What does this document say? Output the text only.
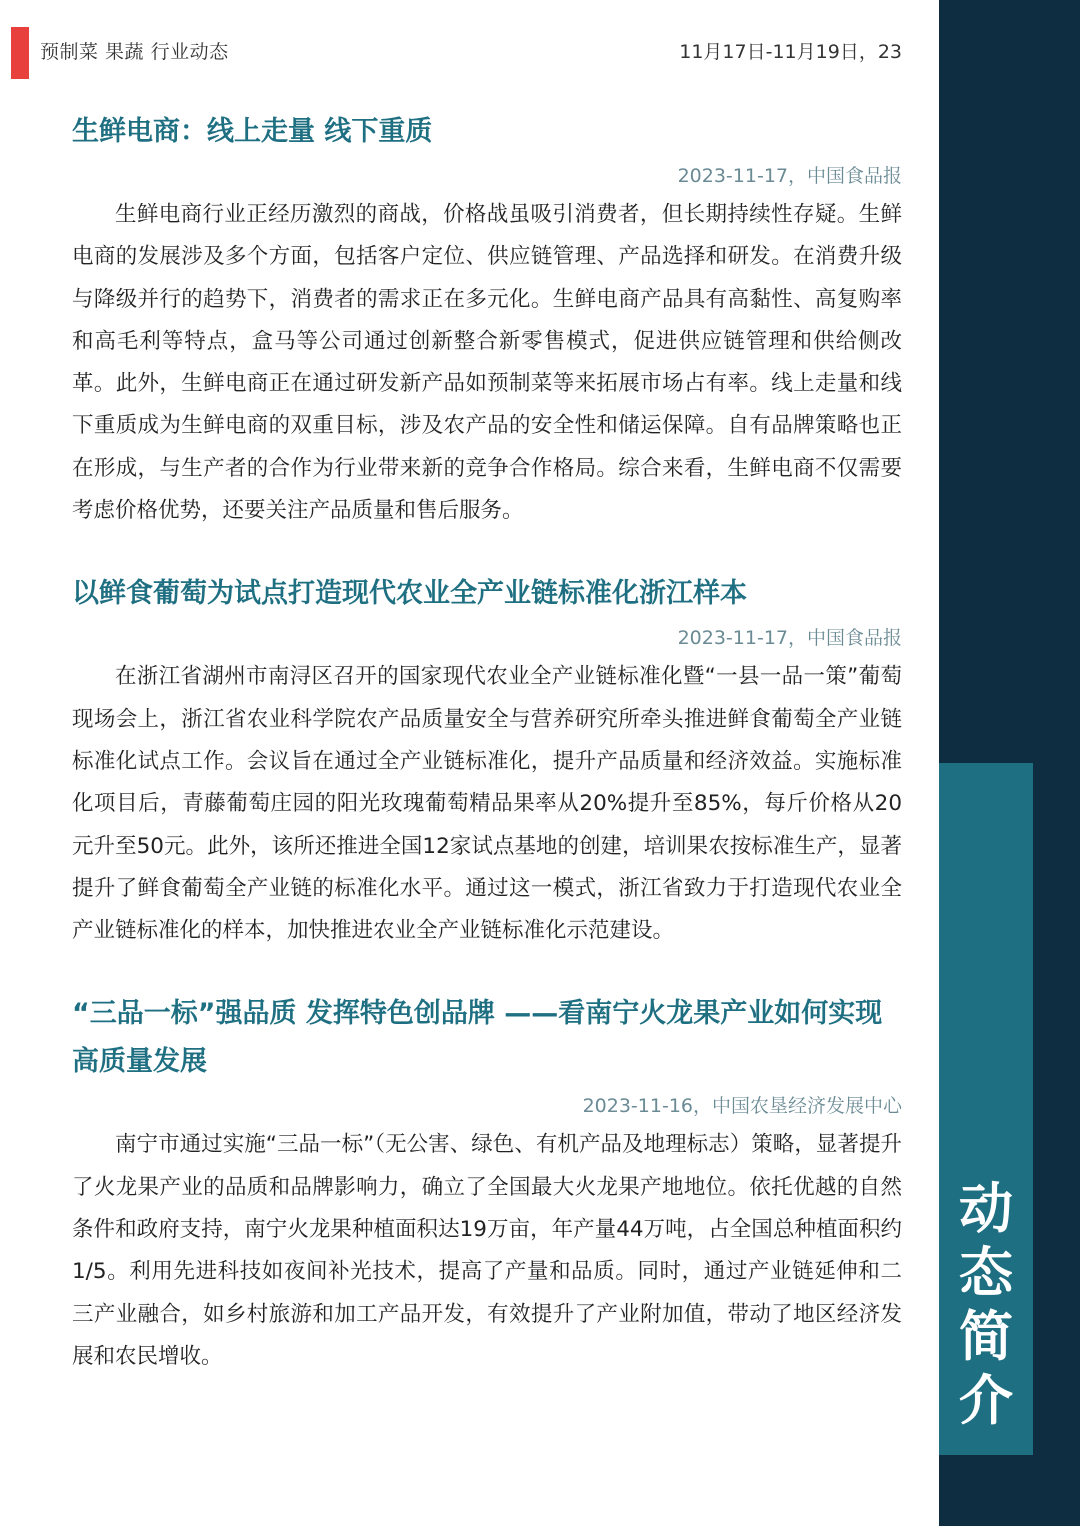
预制菜 果蔬 行业动态	11月17日-11月19日，23
动
态
简
介
生鲜电商：线上走量 线下重质
2023-11-17，中国食品报

生鲜电商行业正经历激烈的商战，价格战虽吸引消费者，但长期持续性存疑。生鲜电商的发展涉及多个方面，包括客户定位、供应链管理、产品选择和研发。在消费升级与降级并行的趋势下，消费者的需求正在多元化。生鲜电商产品具有高黏性、高复购率和高毛利等特点，盒马等公司通过创新整合新零售模式，促进供应链管理和供给侧改革。此外，生鲜电商正在通过研发新产品如预制菜等来拓展市场占有率。线上走量和线下重质成为生鲜电商的双重目标，涉及农产品的安全性和储运保障。自有品牌策略也正在形成，与生产者的合作为行业带来新的竞争合作格局。综合来看，生鲜电商不仅需要考虑价格优势，还要关注产品质量和售后服务。

以鲜食葡萄为试点打造现代农业全产业链标准化浙江样本
2023-11-17，中国食品报

在浙江省湖州市南浔区召开的国家现代农业全产业链标准化暨“一县一品一策”葡萄现场会上，浙江省农业科学院农产品质量安全与营养研究所牵头推进鲜食葡萄全产业链标准化试点工作。会议旨在通过全产业链标准化，提升产品质量和经济效益。实施标准化项目后，青藤葡萄庄园的阳光玫瑰葡萄精品果率从20%提升至85%，每斤价格从20元升至50元。此外，该所还推进全国12家试点基地的创建，培训果农按标准生产，显著提升了鲜食葡萄全产业链的标准化水平。通过这一模式，浙江省致力于打造现代农业全产业链标准化的样本，加快推进农业全产业链标准化示范建设。

“三品一标”强品质 发挥特色创品牌 ——看南宁火龙果产业如何实现高质量发展
2023-11-16，中国农垦经济发展中心

南宁市通过实施“三品一标”（无公害、绿色、有机产品及地理标志）策略，显著提升了火龙果产业的品质和品牌影响力，确立了全国最大火龙果产地地位。依托优越的自然条件和政府支持，南宁火龙果种植面积达19万亩，年产量44万吨，占全国总种植面积约1/5。利用先进科技如夜间补光技术，提高了产量和品质。同时，通过产业链延伸和二三产业融合，如乡村旅游和加工产品开发，有效提升了产业附加值，带动了地区经济发展和农民增收。
